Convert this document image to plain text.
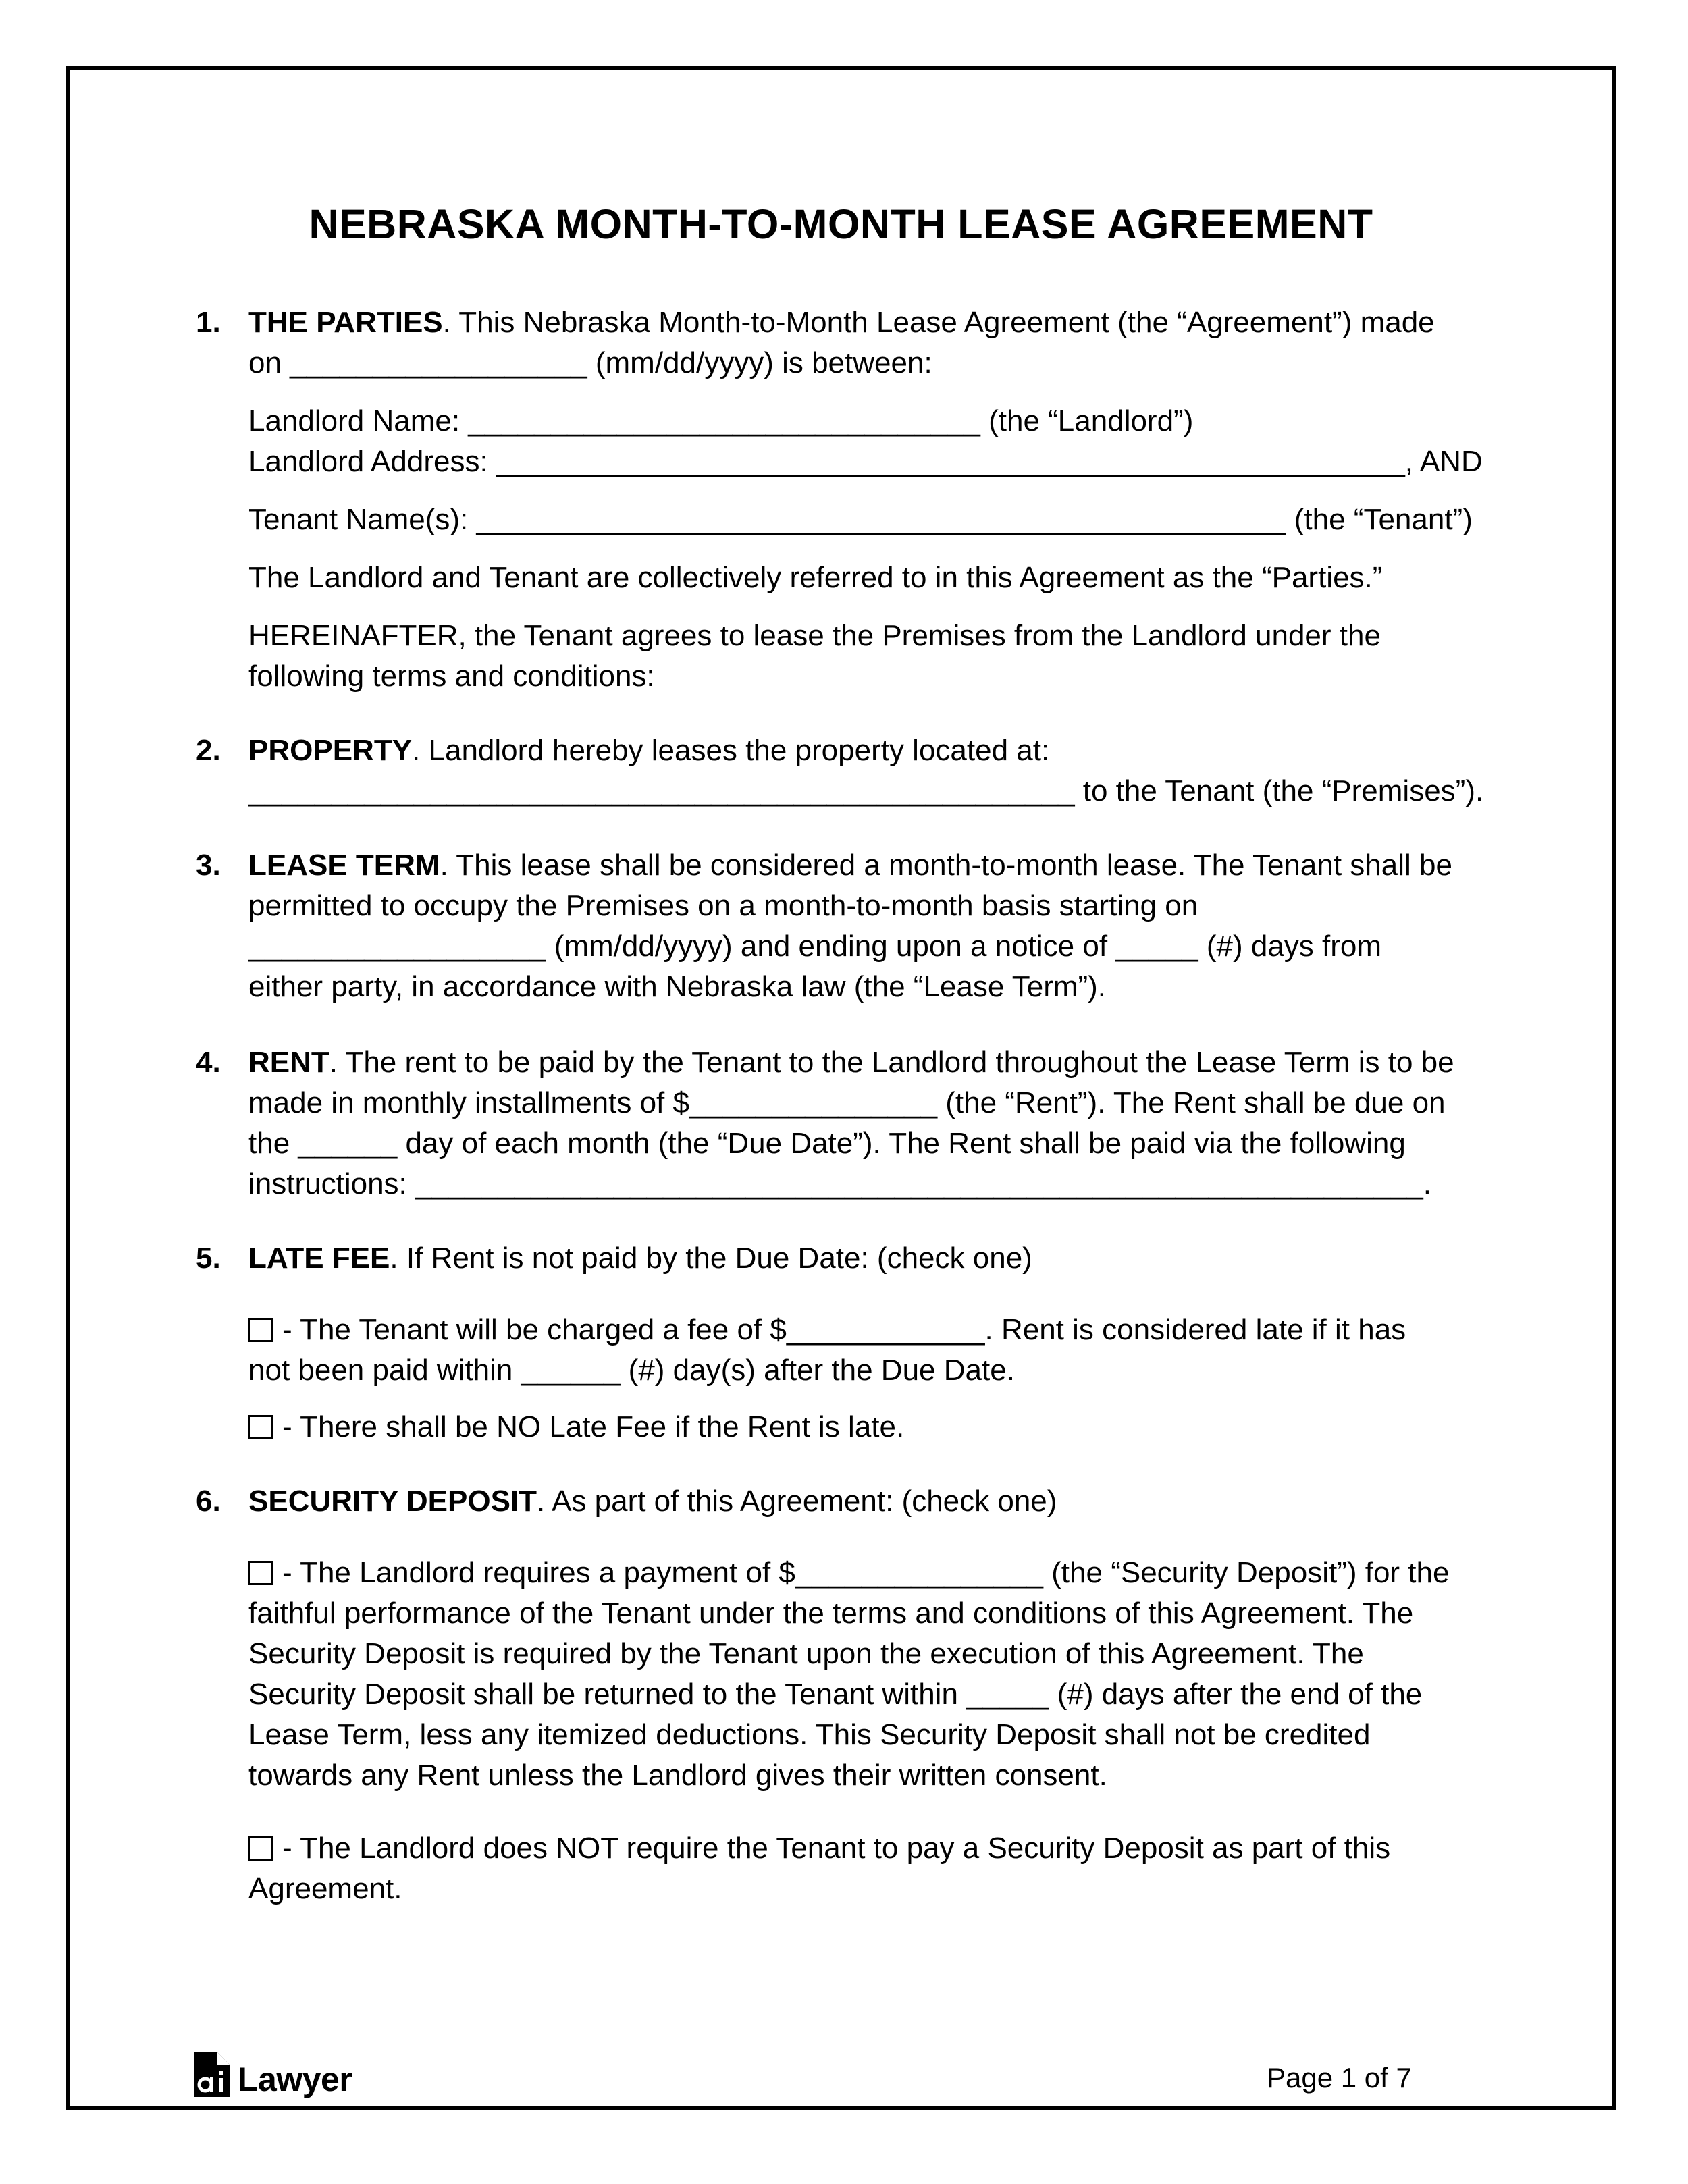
NEBRASKA MONTH-TO-MONTH LEASE AGREEMENT
1. THE PARTIES. This Nebraska Month-to-Month Lease Agreement (the “Agreement”) made

on __________________ (mm/dd/yyyy) is between:

Landlord Name: _______________________________ (the “Landlord”)

Landlord Address: _______________________________________________________, AND

Tenant Name(s): _________________________________________________ (the “Tenant”)

The Landlord and Tenant are collectively referred to in this Agreement as the “Parties.”

HEREINAFTER, the Tenant agrees to lease the Premises from the Landlord under the

following terms and conditions:

2. PROPERTY. Landlord hereby leases the property located at:

__________________________________________________ to the Tenant (the “Premises”).

3. LEASE TERM. This lease shall be considered a month-to-month lease. The Tenant shall be

permitted to occupy the Premises on a month-to-month basis starting on

__________________ (mm/dd/yyyy) and ending upon a notice of _____ (#) days from

either party, in accordance with Nebraska law (the “Lease Term”).

4. RENT. The rent to be paid by the Tenant to the Landlord throughout the Lease Term is to be

made in monthly installments of $_______________ (the “Rent”). The Rent shall be due on

the ______ day of each month (the “Due Date”). The Rent shall be paid via the following

instructions: _____________________________________________________________.

5. LATE FEE. If Rent is not paid by the Due Date: (check one)

- The Tenant will be charged a fee of $____________. Rent is considered late if it has

not been paid within ______ (#) day(s) after the Due Date.

- There shall be NO Late Fee if the Rent is late.

6. SECURITY DEPOSIT. As part of this Agreement: (check one)

- The Landlord requires a payment of $_______________ (the “Security Deposit”) for the

faithful performance of the Tenant under the terms and conditions of this Agreement. The

Security Deposit is required by the Tenant upon the execution of this Agreement. The

Security Deposit shall be returned to the Tenant within _____ (#) days after the end of the

Lease Term, less any itemized deductions. This Security Deposit shall not be credited

towards any Rent unless the Landlord gives their written consent.

- The Landlord does NOT require the Tenant to pay a Security Deposit as part of this

Agreement.

Lawyer	Page 1 of 7
